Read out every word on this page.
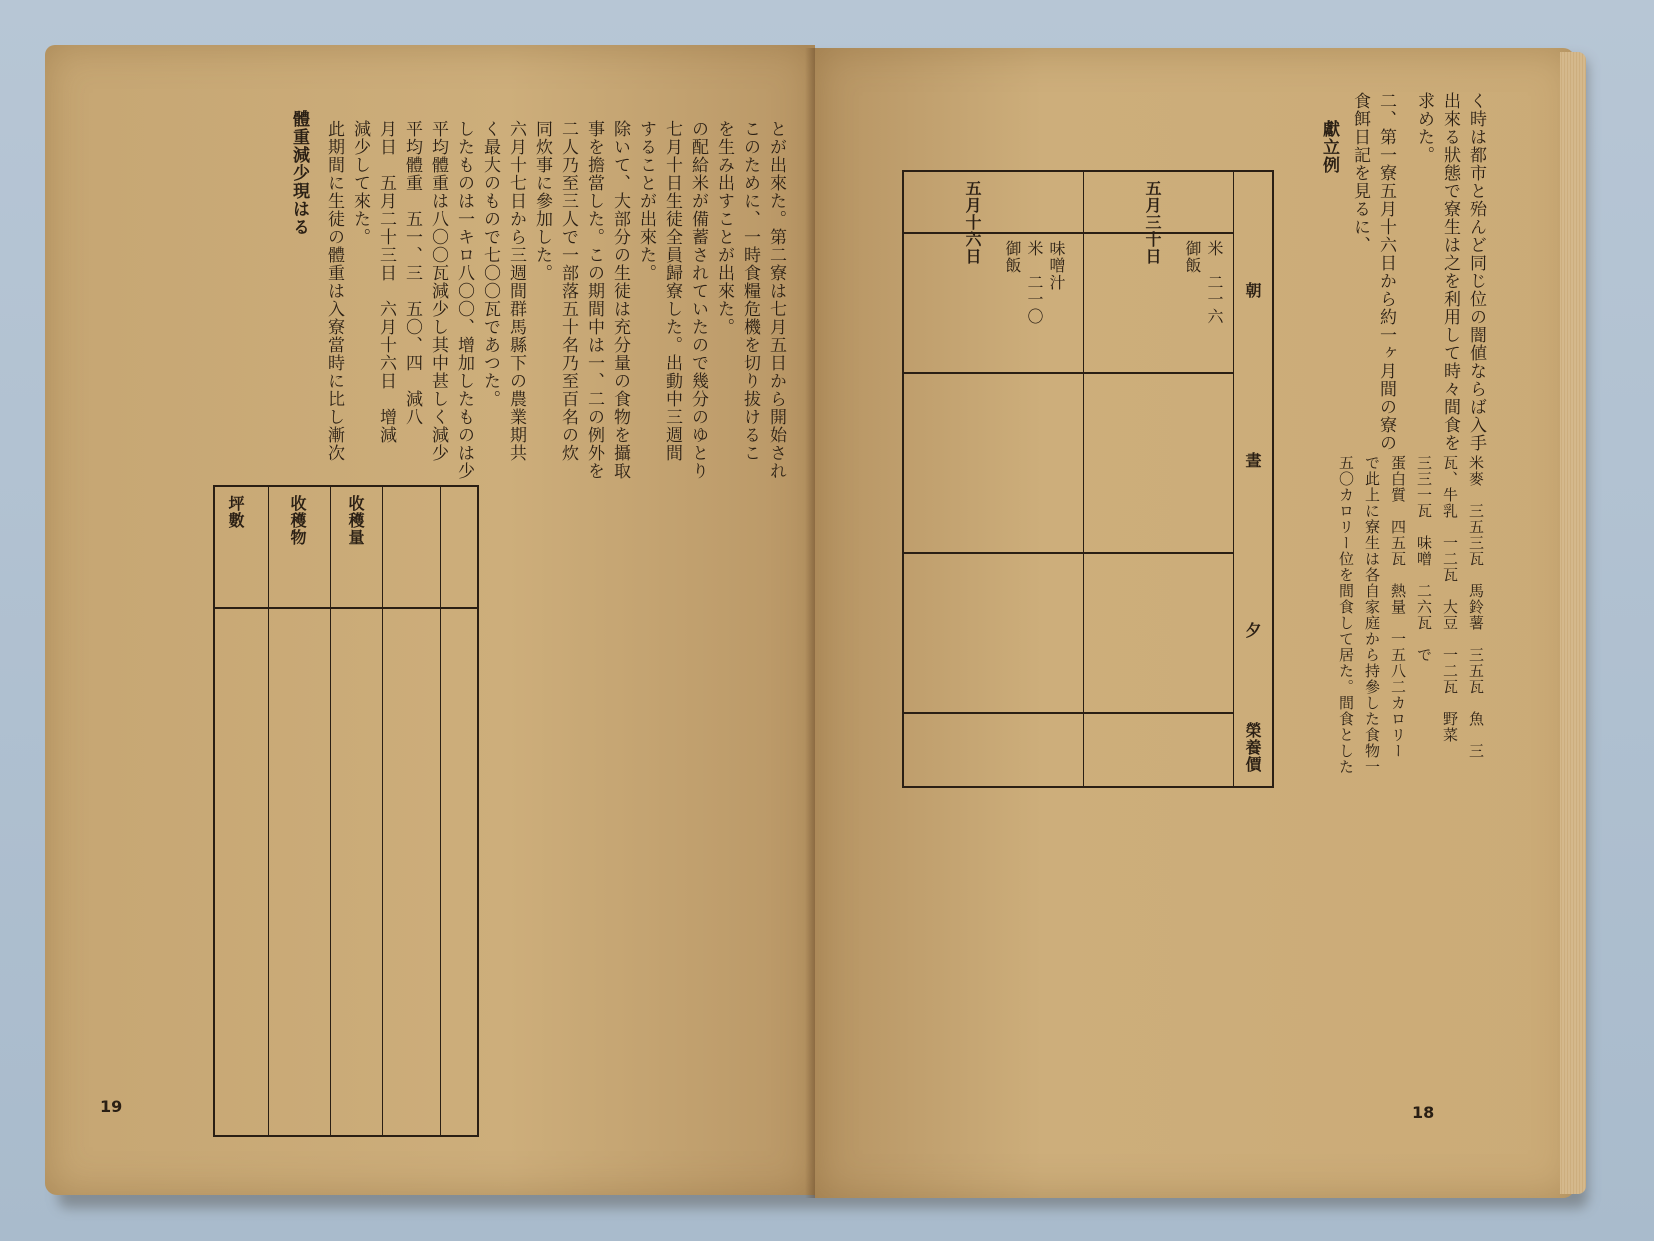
體重減少現はる 此期間に生徒の體重は入寮當時に比し漸次 減少して來た。 月日　五月二十三日　六月十六日　增減 平均體重　五一、三　五〇、四　減八 平均體重は八〇〇瓦減少し其中甚しく減少 したものは一キロ八〇〇、增加したものは少 く最大のもので七〇〇瓦であつた。 六月十七日から三週間群馬縣下の農業期共 同炊事に參加した。 二人乃至三人で一部落五十名乃至百名の炊 事を擔當した。この期間中は一、二の例外を 除いて、大部分の生徒は充分量の食物を攝取 することが出來た。 七月十日生徒全員歸寮した。出動中三週間 の配給米が備蓄されていたので幾分のゆとり を生み出すことが出來た。 このために、一時食糧危機を切り拔けるこ とが出來た。第二寮は七月五日から開始され
坪數	收穫物 收穫量
19
く時は都市と殆んど同じ位の闇値ならば入手
出來る狀態で寮生は之を利用して時々間食を
求めた。
二、第一寮五月十六日から約一ヶ月間の寮の
食餌日記を見るに、
獻立例
米麥　三五三瓦　馬鈴薯　三五瓦　魚　三
瓦、牛乳　一二瓦　大豆　一二瓦　野菜
三三一瓦　味噌　二六瓦　で
蛋白質　四五瓦　熱量　一五八二カロリー
で此上に寮生は各自家庭から持參した食物一
五〇カロリー位を間食して居た。間食とした
朝
晝
夕
榮養價
五月十六日 御飯 米　二一〇 味噌汁
五月三十日 御飯 米　二一六
18
